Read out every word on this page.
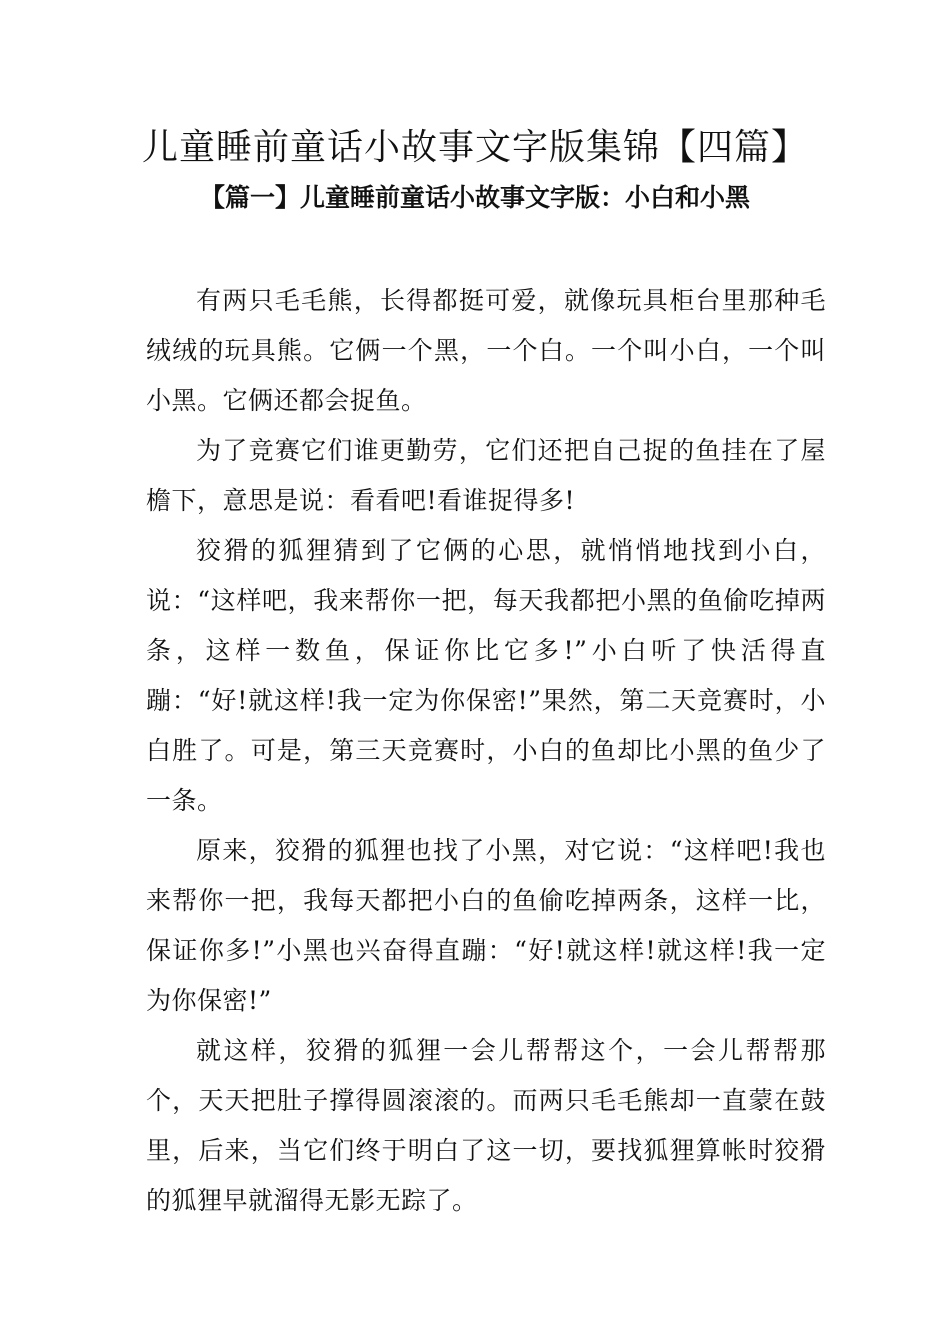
儿童睡前童话小故事文字版集锦【四篇】
【篇一】儿童睡前童话小故事文字版：小白和小黑

有两只毛毛熊，长得都挺可爱，就像玩具柜台里那种毛绒绒的玩具熊。它俩一个黑，一个白。一个叫小白，一个叫小黑。它俩还都会捉鱼。

为了竞赛它们谁更勤劳，它们还把自己捉的鱼挂在了屋檐下，意思是说：看看吧!看谁捉得多!

狡猾的狐狸猜到了它俩的心思，就悄悄地找到小白，说：“这样吧，我来帮你一把，每天我都把小黑的鱼偷吃掉两条，这样一数鱼，保证你比它多!”小白听了快活得直蹦：“好!就这样!我一定为你保密!”果然，第二天竞赛时，小白胜了。可是，第三天竞赛时，小白的鱼却比小黑的鱼少了一条。

原来，狡猾的狐狸也找了小黑，对它说：“这样吧!我也来帮你一把，我每天都把小白的鱼偷吃掉两条，这样一比，保证你多!”小黑也兴奋得直蹦：“好!就这样!就这样!我一定为你保密!”

就这样，狡猾的狐狸一会儿帮帮这个，一会儿帮帮那个，天天把肚子撑得圆滚滚的。而两只毛毛熊却一直蒙在鼓里，后来，当它们终于明白了这一切，要找狐狸算帐时狡猾的狐狸早就溜得无影无踪了。
